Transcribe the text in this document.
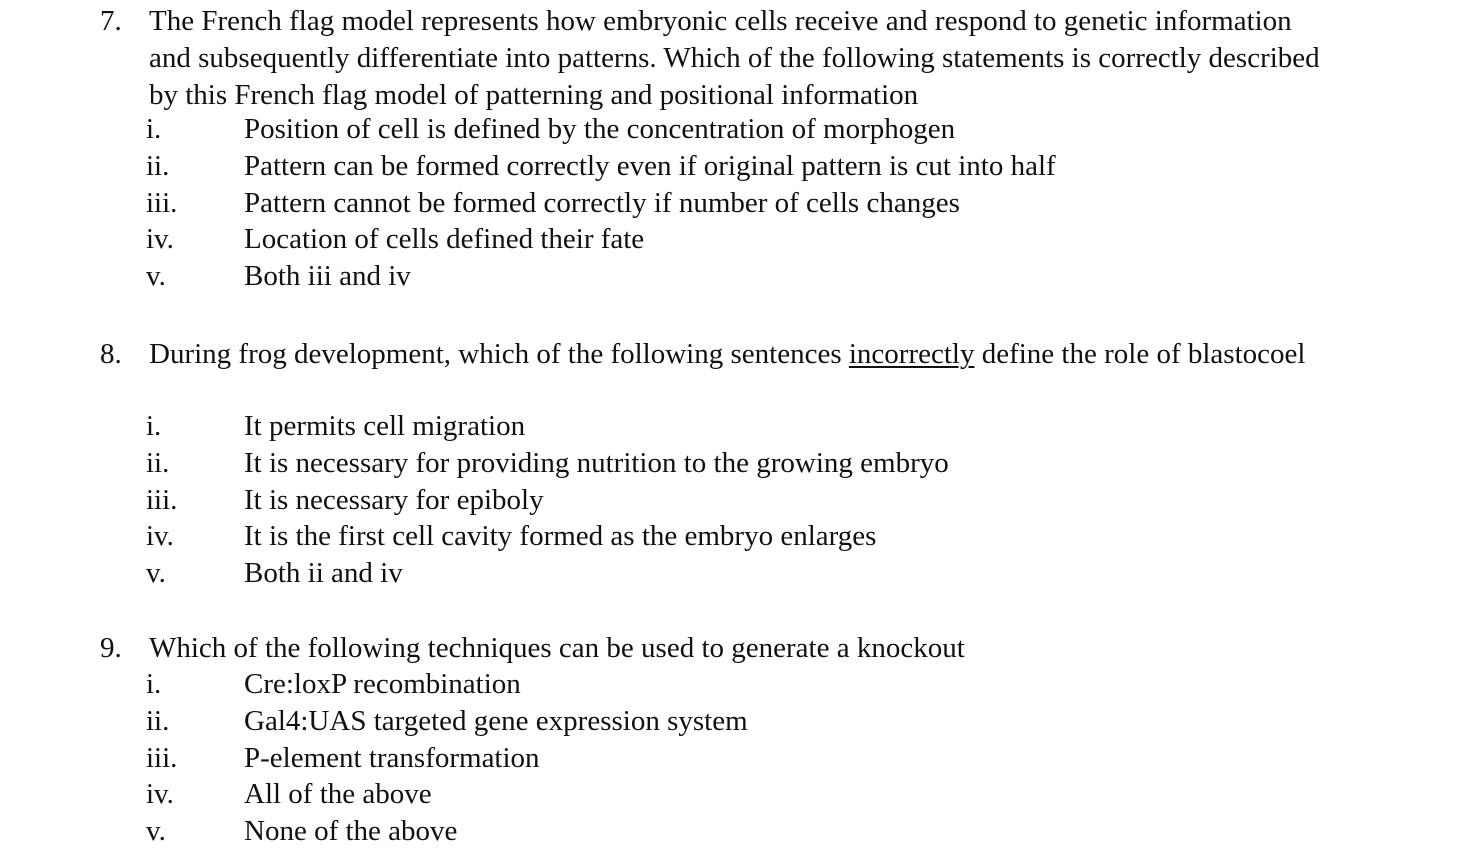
7. The French flag model represents how embryonic cells receive and respond to genetic information
and subsequently differentiate into patterns. Which of the following statements is correctly described
by this French flag model of patterning and positional information
i.	Position of cell is defined by the concentration of morphogen
ii.	Pattern can be formed correctly even if original pattern is cut into half
iii. Pattern cannot be formed correctly if number of cells changes
iv. Location of cells defined their fate
v.	Both iii and iv
8. During frog development, which of the following sentences incorrectly define the role of blastocoel
i.	It permits cell migration
ii.	It is necessary for providing nutrition to the growing embryo
iii. It is necessary for epiboly
iv. It is the first cell cavity formed as the embryo enlarges
v.	Both ii and iv
9. Which of the following techniques can be used to generate a knockout
i.	Cre:loxP recombination
ii.	Gal4:UAS targeted gene expression system
iii. P-element transformation
iv. All of the above
v.	None of the above
